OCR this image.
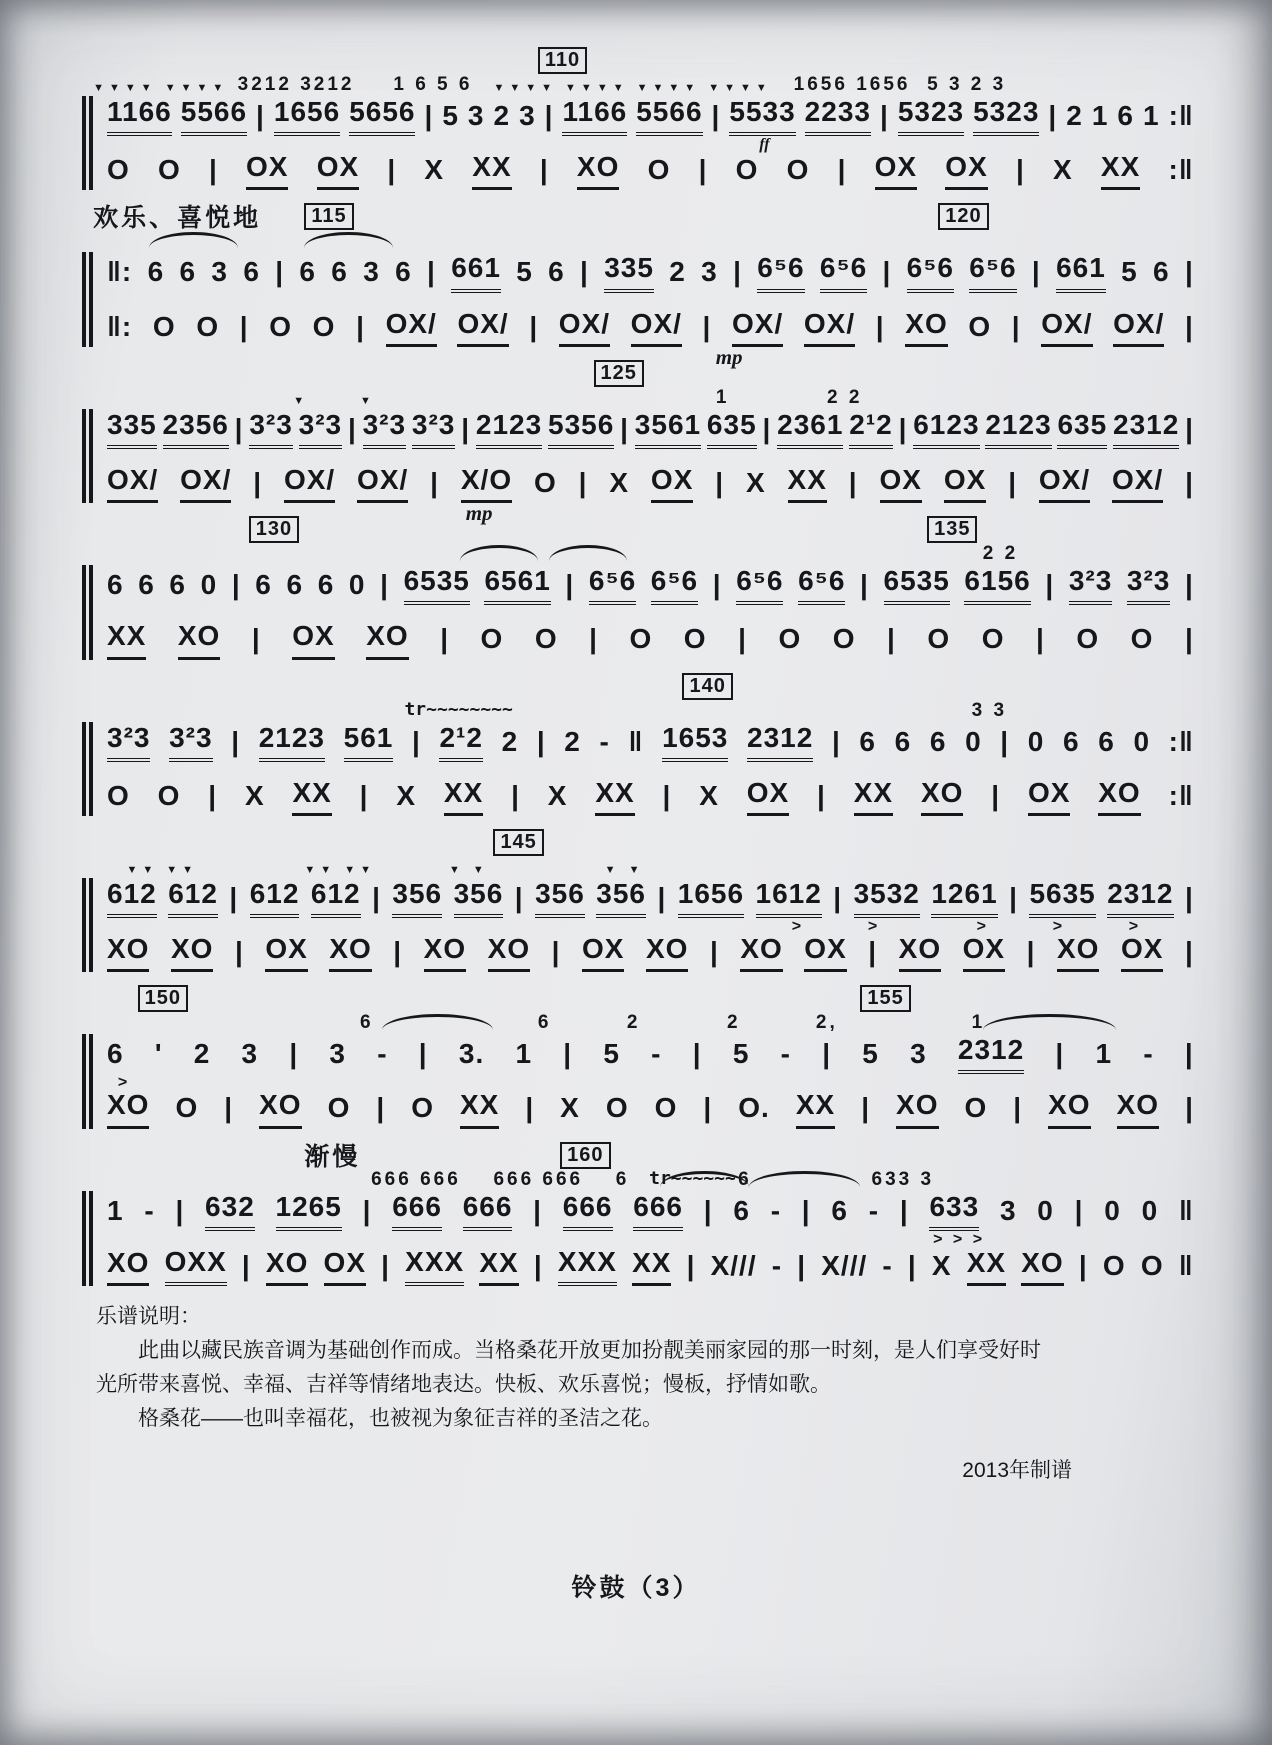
▼▼▼▼ ▼▼▼▼ 3212 3212 1 6 5 6 ▼▼▼▼ ▼▼▼▼ ▼▼▼▼ ▼▼▼▼
110
1656 1656 5 3 2 3
1166 5566 | 1656 5656 | 5 3 2 3 | 1166 5566 | 5533 2233 | 5323 5323 | 2 1 6 1 :‖
ff
O O | OX OX | X XX | XO O | O O | OX OX | X XX :‖
欢乐、喜悦地	115	120
‖: 6 6 3 6 | 6 6 3 6 | 661 5 6 | 335 2 3 | 6⁵6 6⁵6 | 6⁵6 6⁵6 | 661 5 6 |
‖: O O | O O | OX/ OX/ | OX/ OX/ | OX/ OX/ | XO O | OX/ OX/ |
mp
▼	▼
125
1	2 2
335 2356 | 3²3 3²3 | 3²3 3²3 | 2123 5356 | 3561 635 | 2361 2¹2 | 6123 2123 635 2312 |
OX/ OX/ | OX/ OX/ | X/O O | X OX | X XX | OX OX | OX/ OX/ |
mp
130	135
2 2
6 6 6 0 | 6 6 6 0 | 6535 6561 | 6⁵6 6⁵6 | 6⁵6 6⁵6 | 6535 6156 | 3²3 3²3 |
XX XO | OX XO | O O | O O | O O | O O | O O |
tr~~~~~~~~
140
3 3
3²3 3²3 | 2123 561 | 2¹2 2 | 2 - ‖ 1653 2312 | 6 6 6 0 | 0 6 6 0 :‖
O O | X XX | X XX | X XX | X OX | XX XO | OX XO :‖
▼▼ ▼▼	▼▼ ▼▼	▼ ▼
145
▼ ▼
612 612 | 612 612 | 356 356 | 356 356 | 1656 1612 | 3532 1261 | 5635 2312 |
>	>	>	>	>
XO XO | OX XO | XO XO | OX XO | XO OX | XO OX | XO OX |
150
6	6	2	2	2,
155
1
6 ' 2 3 | 3 - | 3. 1 | 5 - | 5 - | 5 3 2312 | 1 - |
>
XO O | XO O | O XX | X O O | O. XX | XO O | XO XO |
渐慢
666 666 666 666
160
6 tr~~~~~~ 6	633 3
1 - | 632 1265 | 666 666 | 666 666 | 6 - | 6 - | 633 3 0 | 0 0 ‖
> > >
XO OXX | XO OX | XXX XX | XXX XX | X/// - | X/// - | X XX XO | O O ‖
乐谱说明：

此曲以藏民族音调为基础创作而成。当格桑花开放更加扮靓美丽家园的那一时刻，是人们享受好时光所带来喜悦、幸福、吉祥等情绪地表达。快板、欢乐喜悦；慢板，抒情如歌。

格桑花——也叫幸福花，也被视为象征吉祥的圣洁之花。

2013年制谱
铃鼓（3）
